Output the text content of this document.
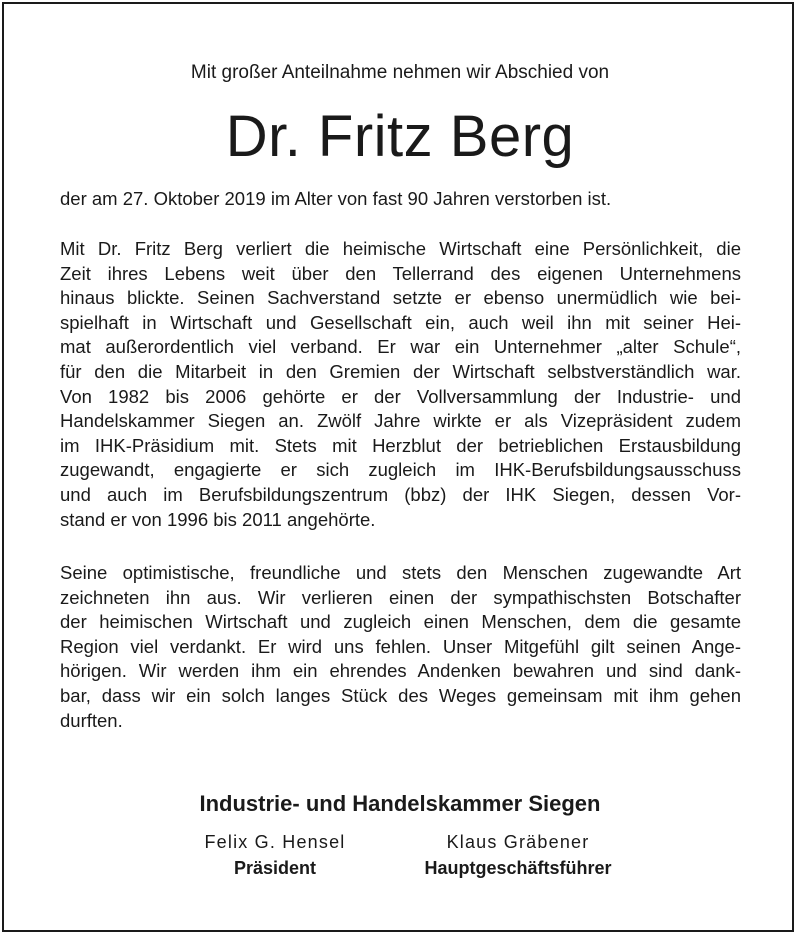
Mit großer Anteilnahme nehmen wir Abschied von
Dr. Fritz Berg
der am 27. Oktober 2019 im Alter von fast 90 Jahren verstorben ist.
Mit Dr. Fritz Berg verliert die heimische Wirtschaft eine Persönlichkeit, die
Zeit ihres Lebens weit über den Tellerrand des eigenen Unternehmens
hinaus blickte. Seinen Sachverstand setzte er ebenso unermüdlich wie bei-
spielhaft in Wirtschaft und Gesellschaft ein, auch weil ihn mit seiner Hei-
mat außerordentlich viel verband. Er war ein Unternehmer „alter Schule“,
für den die Mitarbeit in den Gremien der Wirtschaft selbstverständlich war.
Von 1982 bis 2006 gehörte er der Vollversammlung der Industrie- und
Handelskammer Siegen an. Zwölf Jahre wirkte er als Vizepräsident zudem
im IHK-Präsidium mit. Stets mit Herzblut der betrieblichen Erstausbildung
zugewandt, engagierte er sich zugleich im IHK-Berufsbildungsausschuss
und auch im Berufsbildungszentrum (bbz) der IHK Siegen, dessen Vor-
stand er von 1996 bis 2011 angehörte.
Seine optimistische, freundliche und stets den Menschen zugewandte Art
zeichneten ihn aus. Wir verlieren einen der sympathischsten Botschafter
der heimischen Wirtschaft und zugleich einen Menschen, dem die gesamte
Region viel verdankt. Er wird uns fehlen. Unser Mitgefühl gilt seinen Ange-
hörigen. Wir werden ihm ein ehrendes Andenken bewahren und sind dank-
bar, dass wir ein solch langes Stück des Weges gemeinsam mit ihm gehen
durften.
Industrie- und Handelskammer Siegen
Felix G. Hensel
Präsident
Klaus Gräbener
Hauptgeschäftsführer
